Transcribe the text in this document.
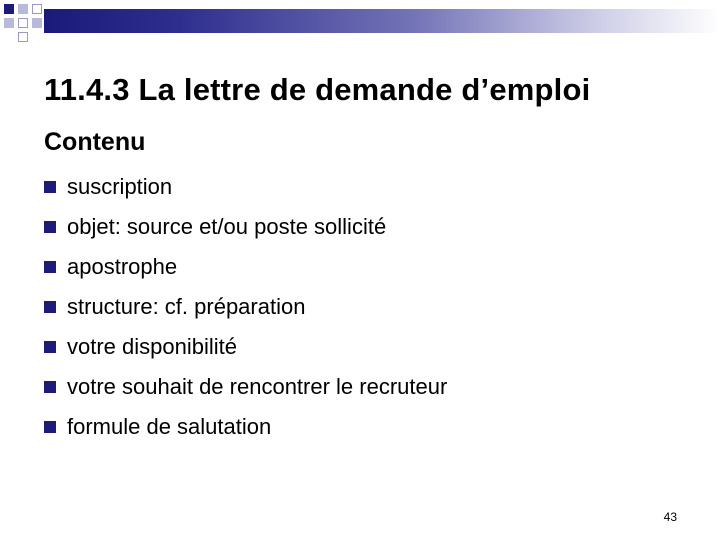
11.4.3 La lettre de demande d’emploi
Contenu
suscription
objet: source et/ou poste sollicité
apostrophe
structure: cf. préparation
votre disponibilité
votre souhait de rencontrer le recruteur
formule de salutation
43
